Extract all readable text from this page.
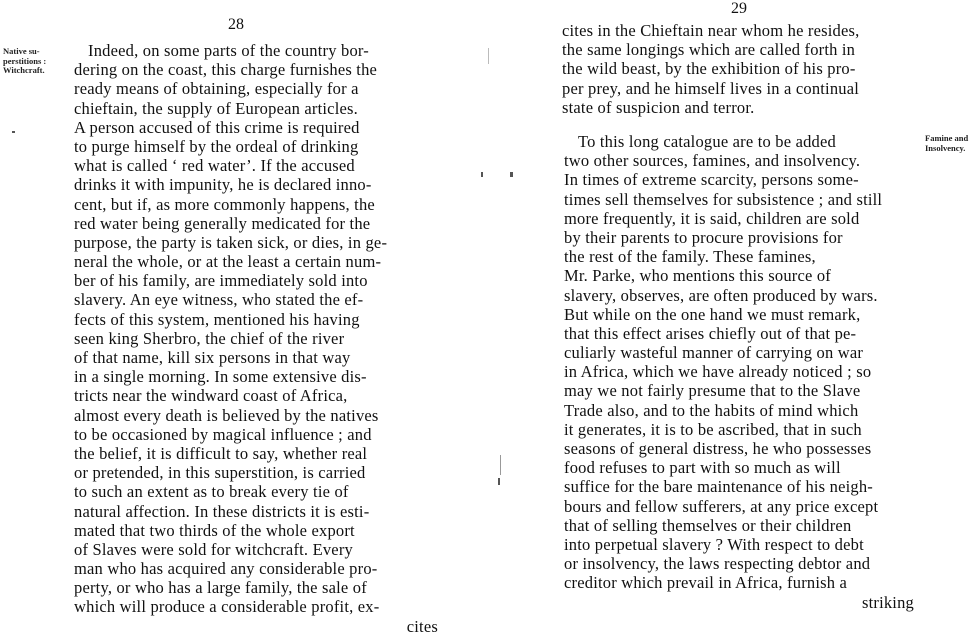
28
Native su-
perstitions :
Witchcraft.
Indeed, on some parts of the country bor-
dering on the coast, this charge furnishes the
ready means of obtaining, especially for a
chieftain, the supply of European articles.
A person accused of this crime is required
to purge himself by the ordeal of drinking
what is called ‘ red water’. If the accused
drinks it with impunity, he is declared inno-
cent, but if, as more commonly happens, the
red water being generally medicated for the
purpose, the party is taken sick, or dies, in ge-
neral the whole, or at the least a certain num-
ber of his family, are immediately sold into
slavery. An eye witness, who stated the ef-
fects of this system, mentioned his having
seen king Sherbro, the chief of the river
of that name, kill six persons in that way
in a single morning. In some extensive dis-
tricts near the windward coast of Africa,
almost every death is believed by the natives
to be occasioned by magical influence ; and
the belief, it is difficult to say, whether real
or pretended, in this superstition, is carried
to such an extent as to break every tie of
natural affection. In these districts it is esti-
mated that two thirds of the whole export
of Slaves were sold for witchcraft. Every
man who has acquired any considerable pro-
perty, or who has a large family, the sale of
which will produce a considerable profit, ex-
cites
29
cites in the Chieftain near whom he resides,
the same longings which are called forth in
the wild beast, by the exhibition of his pro-
per prey, and he himself lives in a continual
state of suspicion and terror.
Famine and
Insolvency.
To this long catalogue are to be added
two other sources, famines, and insolvency.
In times of extreme scarcity, persons some-
times sell themselves for subsistence ; and still
more frequently, it is said, children are sold
by their parents to procure provisions for
the rest of the family. These famines,
Mr. Parke, who mentions this source of
slavery, observes, are often produced by wars.
But while on the one hand we must remark,
that this effect arises chiefly out of that pe-
culiarly wasteful manner of carrying on war
in Africa, which we have already noticed ; so
may we not fairly presume that to the Slave
Trade also, and to the habits of mind which
it generates, it is to be ascribed, that in such
seasons of general distress, he who possesses
food refuses to part with so much as will
suffice for the bare maintenance of his neigh-
bours and fellow sufferers, at any price except
that of selling themselves or their children
into perpetual slavery ? With respect to debt
or insolvency, the laws respecting debtor and
creditor which prevail in Africa, furnish a
striking
